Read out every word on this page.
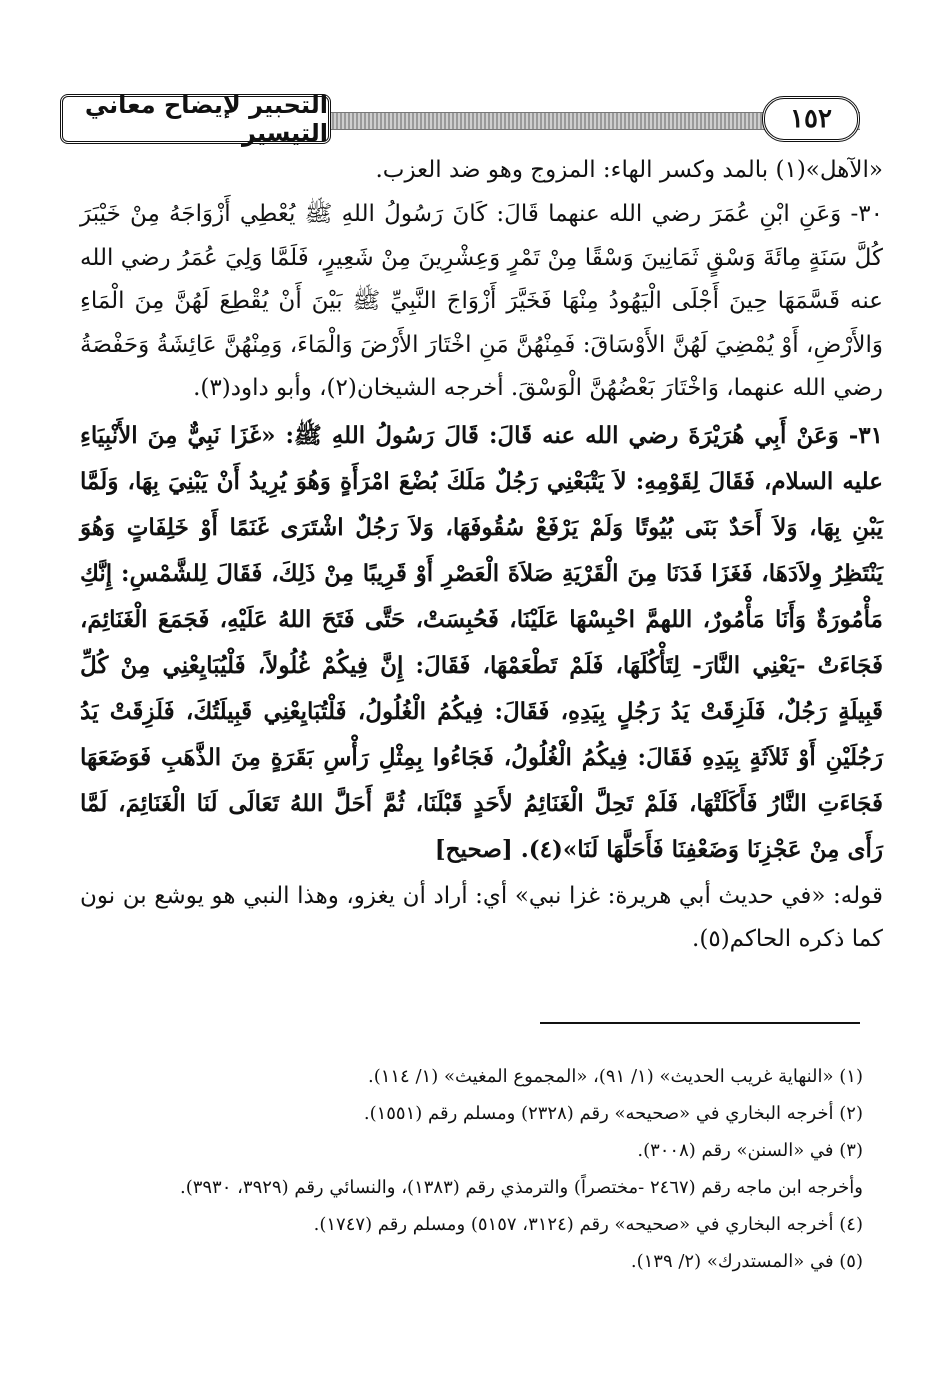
التحبير لإيضاح معاني التيسير	١٥٢

«الآهل»(١) بالمد وكسر الهاء: المزوج وهو ضد العزب.

٣٠- وَعَنِ ابْنِ عُمَرَ رضي الله عنهما قَالَ: كَانَ رَسُولُ اللهِ ﷺ يُعْطِي أَزْوَاجَهُ مِنْ خَيْبَرَ كُلَّ سَنَةٍ مِائَةَ وَسْقٍ ثَمَانِينَ وَسْقًا مِنْ تَمْرٍ وَعِشْرِينَ مِنْ شَعِيرٍ، فَلَمَّا وَلِيَ عُمَرُ رضي الله عنه قَسَّمَهَا حِينَ أَجْلَى الْيَهُودُ مِنْهَا فَخَيَّرَ أَزْوَاجَ النَّبِيِّ ﷺ بَيْنَ أَنْ يُقْطِعَ لَهُنَّ مِنَ الْمَاءِ وَالأَرْضِ، أَوْ يُمْضِيَ لَهُنَّ الأَوْسَاقَ: فَمِنْهُنَّ مَنِ اخْتَارَ الأَرْضَ وَالْمَاءَ، وَمِنْهُنَّ عَائِشَةُ وَحَفْصَةُ رضي الله عنهما، وَاخْتَارَ بَعْضُهُنَّ الْوَسْقَ. أخرجه الشيخان(٢)، وأبو داود(٣).

٣١- وَعَنْ أَبِي هُرَيْرَةَ رضي الله عنه قَالَ: قَالَ رَسُولُ اللهِ ﷺ: «غَزَا نَبِيٌّ مِنَ الأَنْبِيَاءِ عليه السلام، فَقَالَ لِقَوْمِهِ: لاَ يَتْبَعْنِي رَجُلٌ مَلَكَ بُضْعَ امْرَأَةٍ وَهُوَ يُرِيدُ أَنْ يَبْنِيَ بِهَا، وَلَمَّا يَبْنِ بِهَا، وَلاَ أَحَدٌ بَنَى بُيُوتًا وَلَمْ يَرْفَعْ سُقُوفَهَا، وَلاَ رَجُلٌ اشْتَرَى غَنَمًا أَوْ خَلِفَاتٍ وَهُوَ يَنْتَظِرُ وِلاَدَهَا، فَغَزَا فَدَنَا مِنَ الْقَرْيَةِ صَلاَةَ الْعَصْرِ أَوْ قَرِيبًا مِنْ ذَلِكَ، فَقَالَ لِلشَّمْسِ: إِنَّكِ مَأْمُورَةٌ وَأَنَا مَأْمُورٌ، اللهمَّ احْبِسْهَا عَلَيْنَا، فَحُبِسَتْ، حَتَّى فَتَحَ اللهُ عَلَيْهِ، فَجَمَعَ الْغَنَائِمَ، فَجَاءَتْ -يَعْنِي النَّارَ- لِتَأْكُلَهَا، فَلَمْ تَطْعَمْهَا، فَقَالَ: إِنَّ فِيكُمْ غُلُولاً، فَلْيُبَايِعْنِي مِنْ كُلِّ قَبِيلَةٍ رَجُلٌ، فَلَزِقَتْ يَدُ رَجُلٍ بِيَدِهِ، فَقَالَ: فِيكُمُ الْغُلُولُ، فَلْتُبَايِعْنِي قَبِيلَتُكَ، فَلَزِقَتْ يَدُ رَجُلَيْنِ أَوْ ثَلاَثَةٍ بِيَدِهِ فَقَالَ: فِيكُمُ الْغُلُولُ، فَجَاءُوا بِمِثْلِ رَأْسِ بَقَرَةٍ مِنَ الذَّهَبِ فَوَضَعَهَا فَجَاءَتِ النَّارُ فَأَكَلَتْهَا، فَلَمْ تَحِلَّ الْغَنَائِمُ لأَحَدٍ قَبْلَنَا، ثُمَّ أَحَلَّ اللهُ تَعَالَى لَنَا الْغَنَائِمَ، لَمَّا رَأَى مِنْ عَجْزِنَا وَضَعْفِنَا فَأَحَلَّهَا لَنَا»(٤). [صحيح]

قوله: «في حديث أبي هريرة: غزا نبي» أي: أراد أن يغزو، وهذا النبي هو يوشع بن نون كما ذكره الحاكم(٥).

(١) «النهاية غريب الحديث» (١/ ٩١)، «المجموع المغيث» (١/ ١١٤).

(٢) أخرجه البخاري في «صحيحه» رقم (٢٣٢٨) ومسلم رقم (١٥٥١).

(٣) في «السنن» رقم (٣٠٠٨).

وأخرجه ابن ماجه رقم (٢٤٦٧ -مختصراً) والترمذي رقم (١٣٨٣)، والنسائي رقم (٣٩٢٩، ٣٩٣٠).

(٤) أخرجه البخاري في «صحيحه» رقم (٣١٢٤، ٥١٥٧) ومسلم رقم (١٧٤٧).

(٥) في «المستدرك» (٢/ ١٣٩).
